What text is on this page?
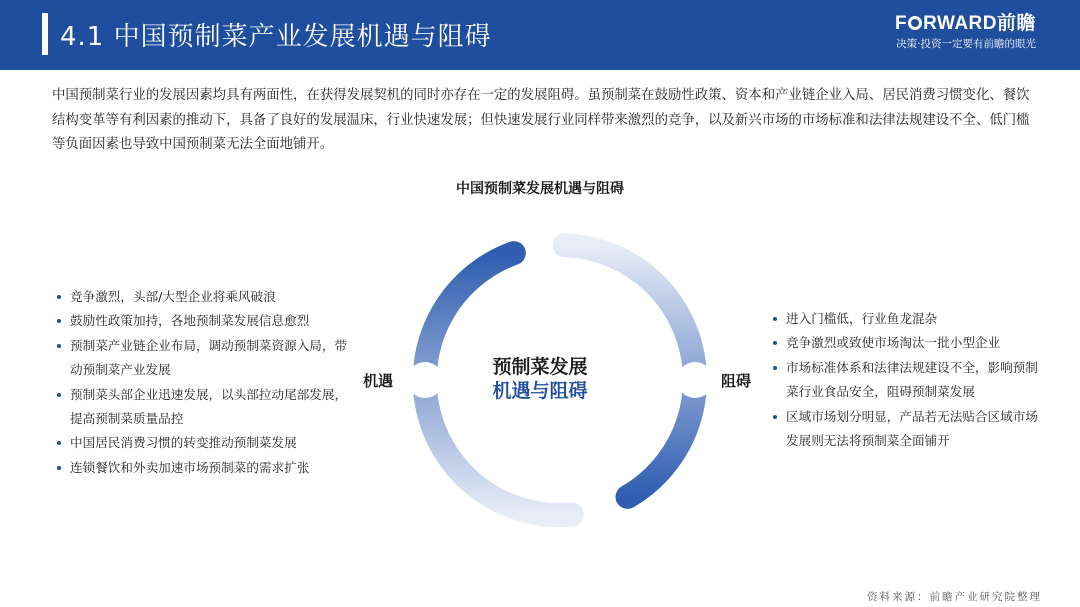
4.1 中国预制菜产业发展机遇与阻碍	F RWARD前瞻
决策·投资一定要有前瞻的眼光

中国预制菜行业的发展因素均具有两面性，在获得发展契机的同时亦存在一定的发展阻碍。虽预制菜在鼓励性政策、资本和产业链企业入局、居民消费习惯变化、餐饮结构变革等有利因素的推动下，具备了良好的发展温床，行业快速发展；但快速发展行业同样带来激烈的竞争，以及新兴市场的市场标准和法律法规建设不全、低门槛等负面因素也导致中国预制菜无法全面地铺开。

中国预制菜发展机遇与阻碍
预制菜发展
机遇与阻碍
机遇	阻碍
竞争激烈，头部/大型企业将乘风破浪
鼓励性政策加持，各地预制菜发展信息愈烈
预制菜产业链企业布局，调动预制菜资源入局，带动预制菜产业发展
预制菜头部企业迅速发展，以头部拉动尾部发展，提高预制菜质量品控
中国居民消费习惯的转变推动预制菜发展
连锁餐饮和外卖加速市场预制菜的需求扩张
进入门槛低，行业鱼龙混杂
竞争激烈或致使市场淘汰一批小型企业
市场标准体系和法律法规建设不全，影响预制菜行业食品安全，阻碍预制菜发展
区域市场划分明显，产品若无法贴合区域市场发展则无法将预制菜全面铺开
资料来源：前瞻产业研究院整理
